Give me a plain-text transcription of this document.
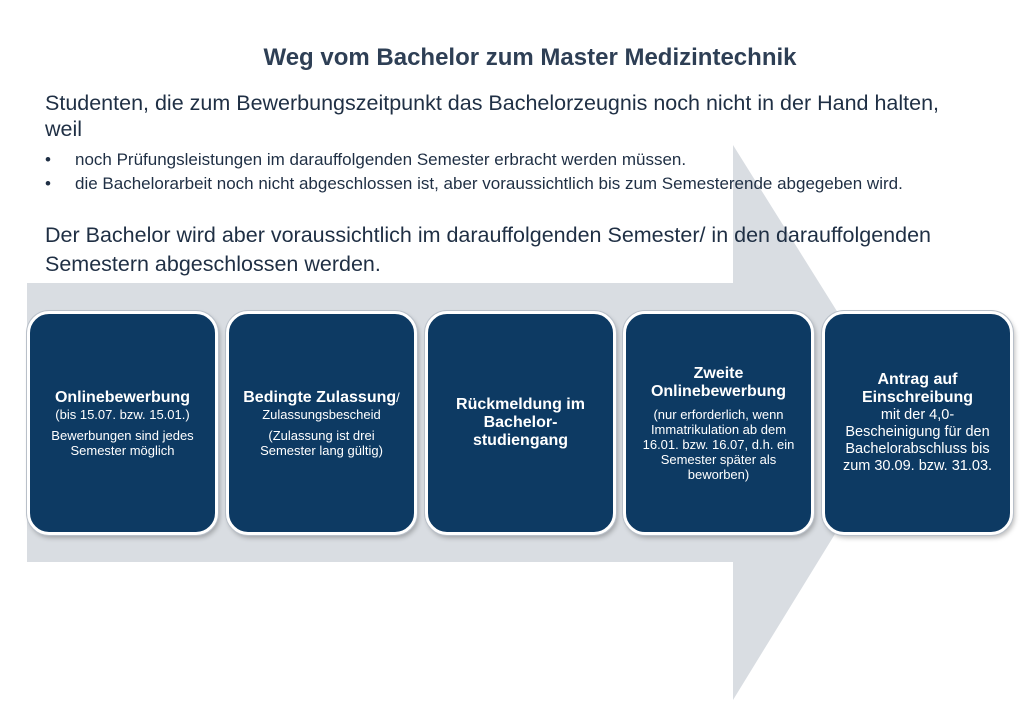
Weg vom Bachelor zum Master Medizintechnik
Studenten, die zum Bewerbungszeitpunkt das Bachelorzeugnis noch nicht in der Hand halten, weil
• noch Prüfungsleistungen im darauffolgenden Semester erbracht werden müssen.
• die Bachelorarbeit noch nicht abgeschlossen ist, aber voraussichtlich bis zum Semesterende abgegeben wird.
Der Bachelor wird aber voraussichtlich im darauffolgenden Semester/ in den darauffolgenden Semestern abgeschlossen werden.
Onlinebewerbung
(bis 15.07. bzw. 15.01.)
Bewerbungen sind jedes Semester möglich
Bedingte Zulassung/
Zulassungsbescheid
(Zulassung ist drei Semester lang gültig)
Rückmeldung im Bachelor-studiengang
Zweite Onlinebewerbung
(nur erforderlich, wenn Immatrikulation ab dem 16.01. bzw. 16.07, d.h. ein Semester später als beworben)
Antrag auf Einschreibung
mit der 4,0-Bescheinigung für den Bachelorabschluss bis zum 30.09. bzw. 31.03.
